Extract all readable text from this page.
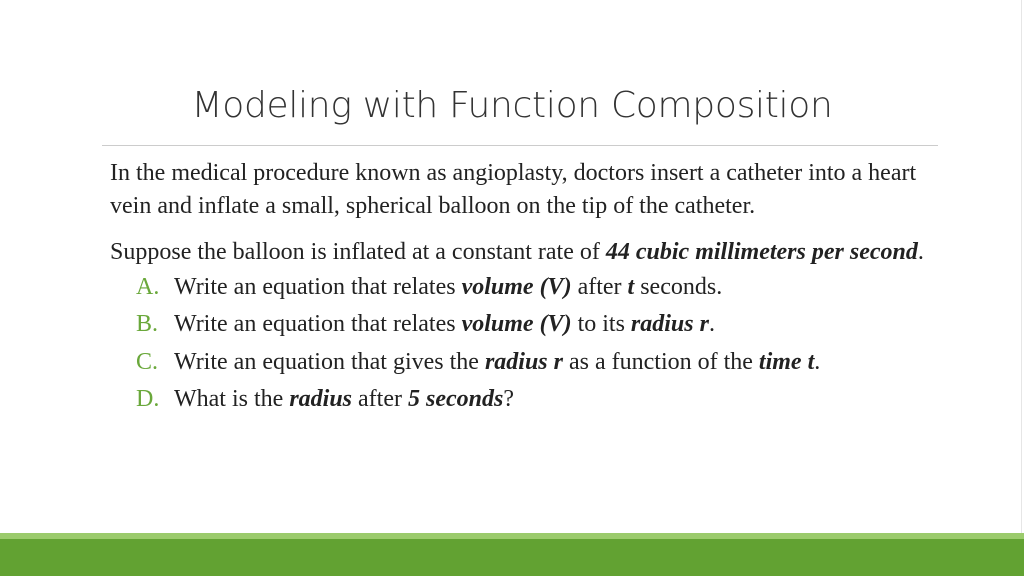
Modeling with Function Composition

In the medical procedure known as angioplasty, doctors insert a catheter into a heart vein and inflate a small, spherical balloon on the tip of the catheter.

Suppose the balloon is inflated at a constant rate of 44 cubic millimeters per second.

A. Write an equation that relates volume (V) after t seconds.
B. Write an equation that relates volume (V) to its radius r.
C. Write an equation that gives the radius r as a function of the time t.
D. What is the radius after 5 seconds?
